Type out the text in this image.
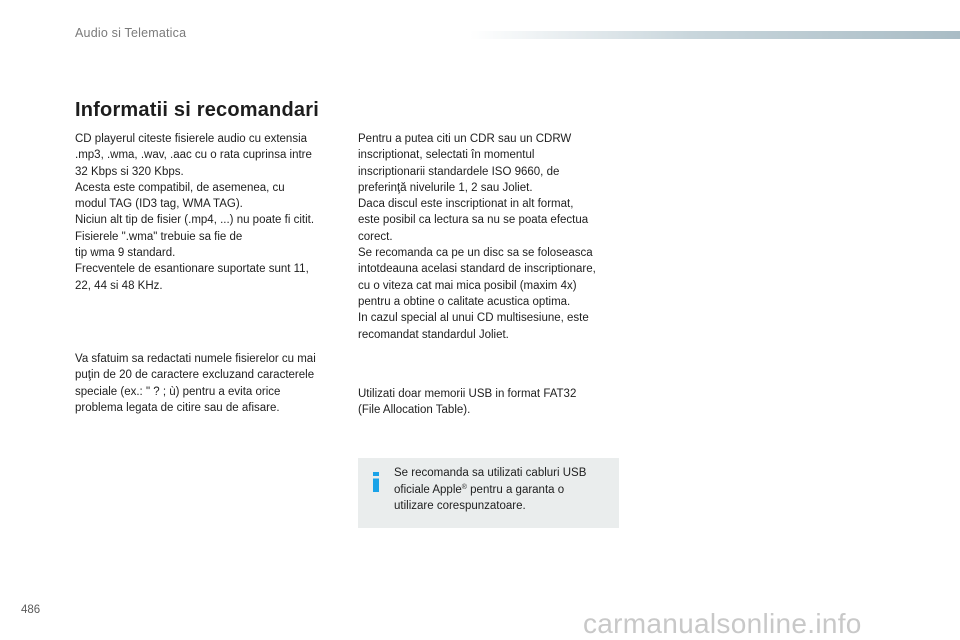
Audio si Telematica
Informatii si recomandari
CD playerul citeste fisierele audio cu extensia
.mp3, .wma, .wav, .aac cu o rata cuprinsa intre
32 Kbps si 320 Kbps.
Acesta este compatibil, de asemenea, cu
modul TAG (ID3 tag, WMA TAG).
Niciun alt tip de fisier (.mp4, ...) nu poate fi citit.
Fisierele ".wma" trebuie sa fie de
tip wma 9 standard.
Frecventele de esantionare suportate sunt 11,
22, 44 si 48 KHz.
Va sfatuim sa redactati numele fisierelor cu mai
puţin de 20 de caractere excluzand caracterele
speciale (ex.: " ? ; ù) pentru a evita orice
problema legata de citire sau de afisare.
Pentru a putea citi un CDR sau un CDRW
inscriptionat, selectati în momentul
inscriptionarii standardele ISO 9660, de
preferinţă nivelurile 1, 2 sau Joliet.
Daca discul este inscriptionat in alt format,
este posibil ca lectura sa nu se poata efectua
corect.
Se recomanda ca pe un disc sa se foloseasca
intotdeauna acelasi standard de inscriptionare,
cu o viteza cat mai mica posibil (maxim 4x)
pentru a obtine o calitate acustica optima.
In cazul special al unui CD multisesiune, este
recomandat standardul Joliet.
Utilizati doar memorii USB in format FAT32
(File Allocation Table).
Se recomanda sa utilizati cabluri USB
oficiale Apple® pentru a garanta o
utilizare corespunzatoare.
486	carmanualsonline.info
